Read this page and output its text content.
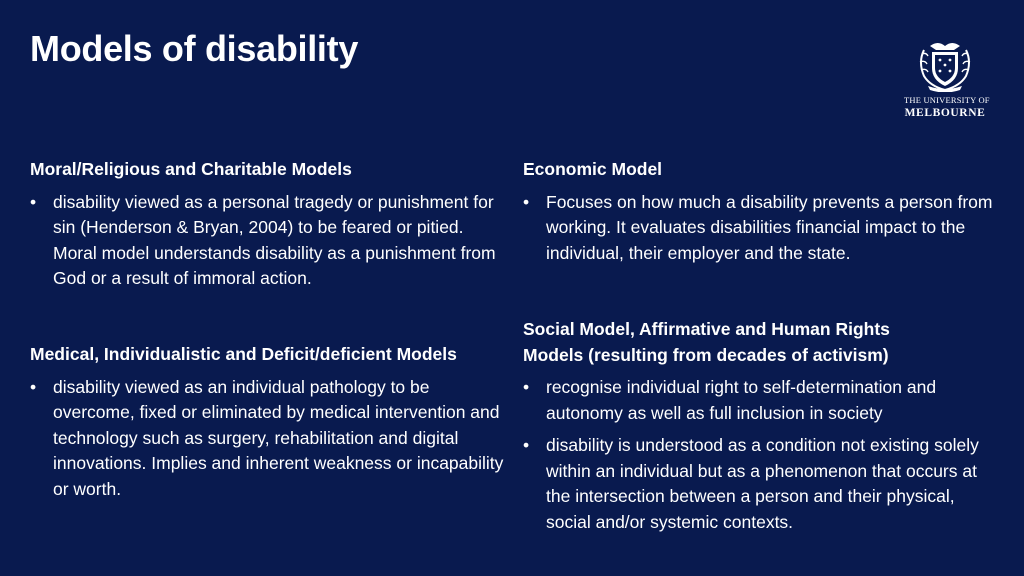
Models of disability
THE UNIVERSITY OF
MELBOURNE
Moral/Religious and Charitable Models
• disability viewed as a personal tragedy or punishment for sin (Henderson & Bryan, 2004) to be feared or pitied. Moral model understands disability as a punishment from God or a result of immoral action.
Medical, Individualistic and Deficit/deficient Models
• disability viewed as an individual pathology to be overcome, fixed or eliminated by medical intervention and technology such as surgery, rehabilitation and digital innovations. Implies and inherent weakness or incapability or worth.
Economic Model
• Focuses on how much a disability prevents a person from working. It evaluates disabilities financial impact to the individual, their employer and the state.
Social Model, Affirmative and Human Rights Models (resulting from decades of activism)
• recognise individual right to self-determination and autonomy as well as full inclusion in society
• disability is understood as a condition not existing solely within an individual but as a phenomenon that occurs at the intersection between a person and their physical, social and/or systemic contexts.
